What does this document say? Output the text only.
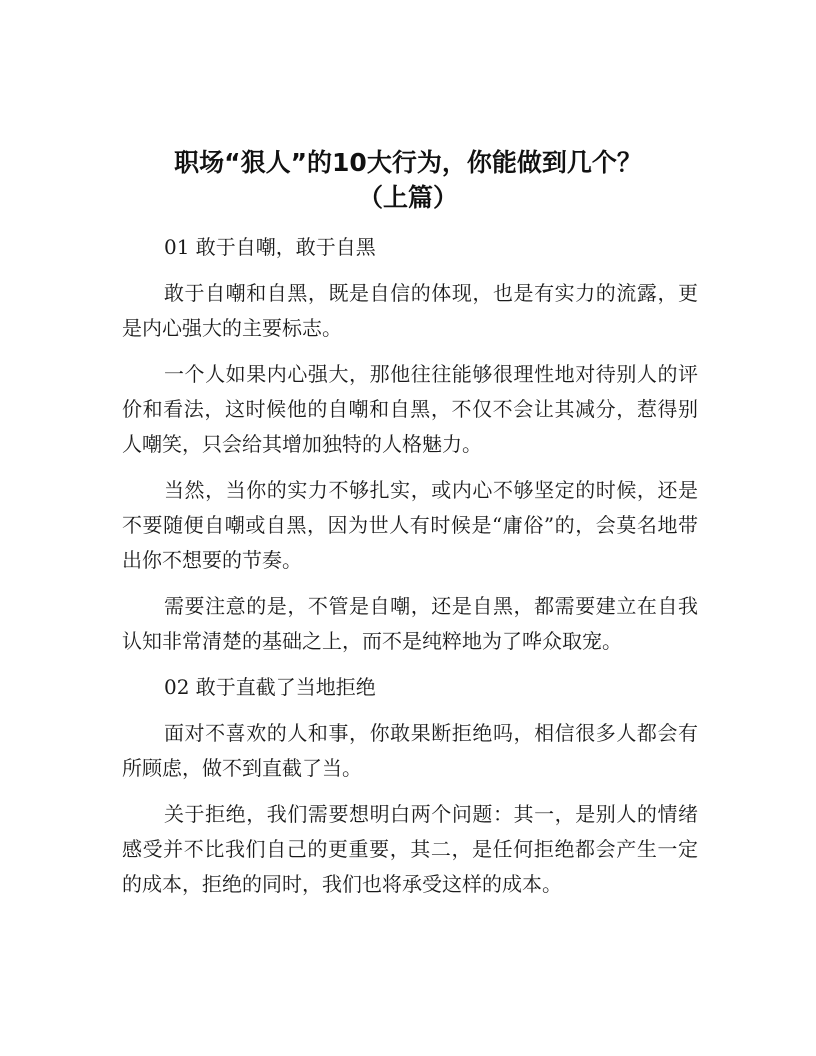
职场“狠人”的10大行为，你能做到几个？
（上篇）

01 敢于自嘲，敢于自黑

敢于自嘲和自黑，既是自信的体现，也是有实力的流露，更是内心强大的主要标志。

一个人如果内心强大，那他往往能够很理性地对待别人的评价和看法，这时候他的自嘲和自黑，不仅不会让其减分，惹得别人嘲笑，只会给其增加独特的人格魅力。

当然，当你的实力不够扎实，或内心不够坚定的时候，还是不要随便自嘲或自黑，因为世人有时候是“庸俗”的，会莫名地带出你不想要的节奏。

需要注意的是，不管是自嘲，还是自黑，都需要建立在自我认知非常清楚的基础之上，而不是纯粹地为了哗众取宠。

02 敢于直截了当地拒绝

面对不喜欢的人和事，你敢果断拒绝吗，相信很多人都会有所顾虑，做不到直截了当。

关于拒绝，我们需要想明白两个问题：其一，是别人的情绪感受并不比我们自己的更重要，其二，是任何拒绝都会产生一定的成本，拒绝的同时，我们也将承受这样的成本。
